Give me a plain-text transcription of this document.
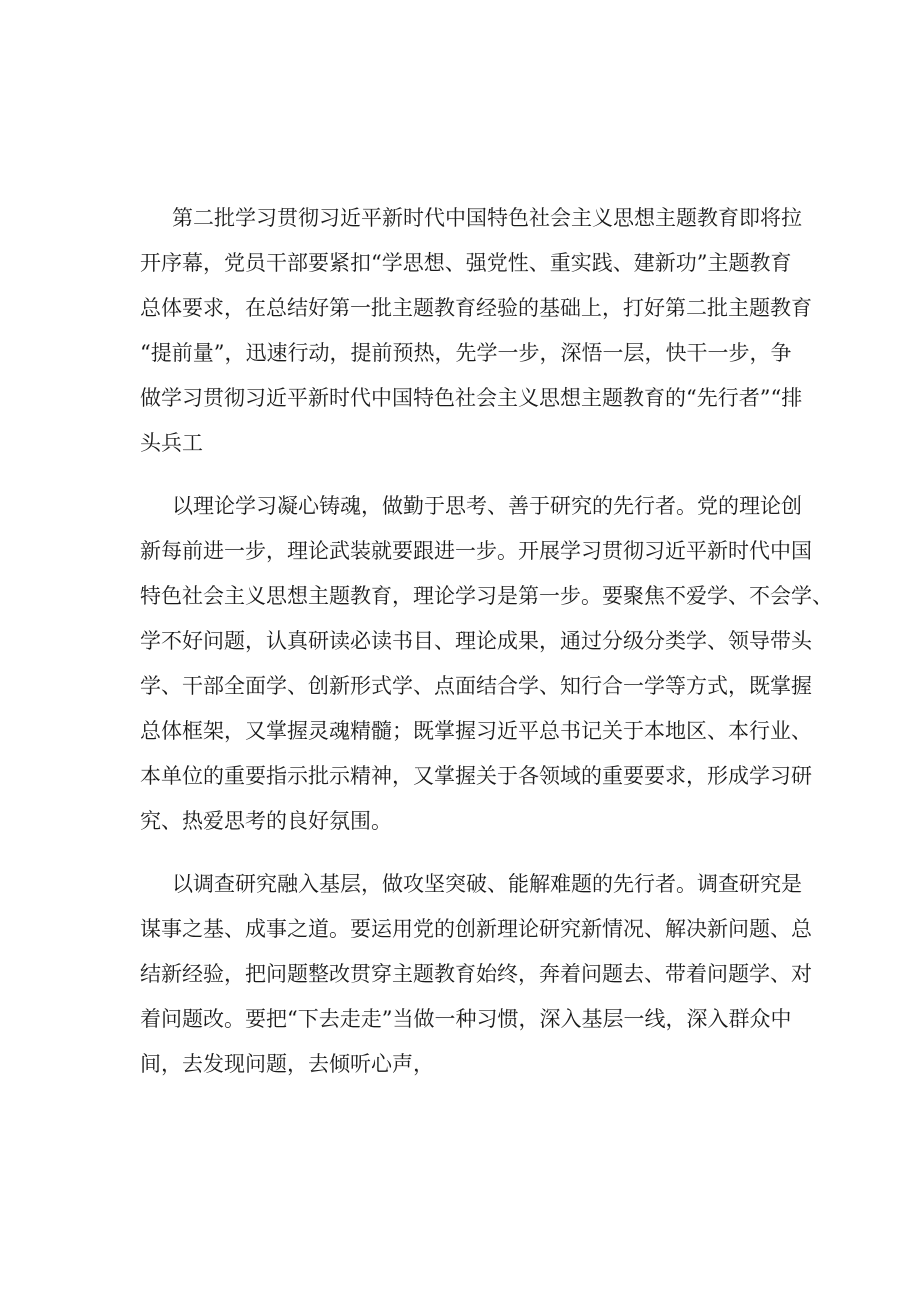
第二批学习贯彻习近平新时代中国特色社会主义思想主题教育即将拉
开序幕，党员干部要紧扣“学思想、强党性、重实践、建新功”主题教育
总体要求，在总结好第一批主题教育经验的基础上，打好第二批主题教育
“提前量”，迅速行动，提前预热，先学一步，深悟一层，快干一步，争
做学习贯彻习近平新时代中国特色社会主义思想主题教育的“先行者”“排
头兵工
以理论学习凝心铸魂，做勤于思考、善于研究的先行者。党的理论创
新每前进一步，理论武装就要跟进一步。开展学习贯彻习近平新时代中国
特色社会主义思想主题教育，理论学习是第一步。要聚焦不爱学、不会学、
学不好问题，认真研读必读书目、理论成果，通过分级分类学、领导带头
学、干部全面学、创新形式学、点面结合学、知行合一学等方式，既掌握
总体框架，又掌握灵魂精髓；既掌握习近平总书记关于本地区、本行业、
本单位的重要指示批示精神，又掌握关于各领域的重要要求，形成学习研
究、热爱思考的良好氛围。
以调查研究融入基层，做攻坚突破、能解难题的先行者。调查研究是
谋事之基、成事之道。要运用党的创新理论研究新情况、解决新问题、总
结新经验，把问题整改贯穿主题教育始终，奔着问题去、带着问题学、对
着问题改。要把“下去走走”当做一种习惯，深入基层一线，深入群众中
间，去发现问题，去倾听心声，
